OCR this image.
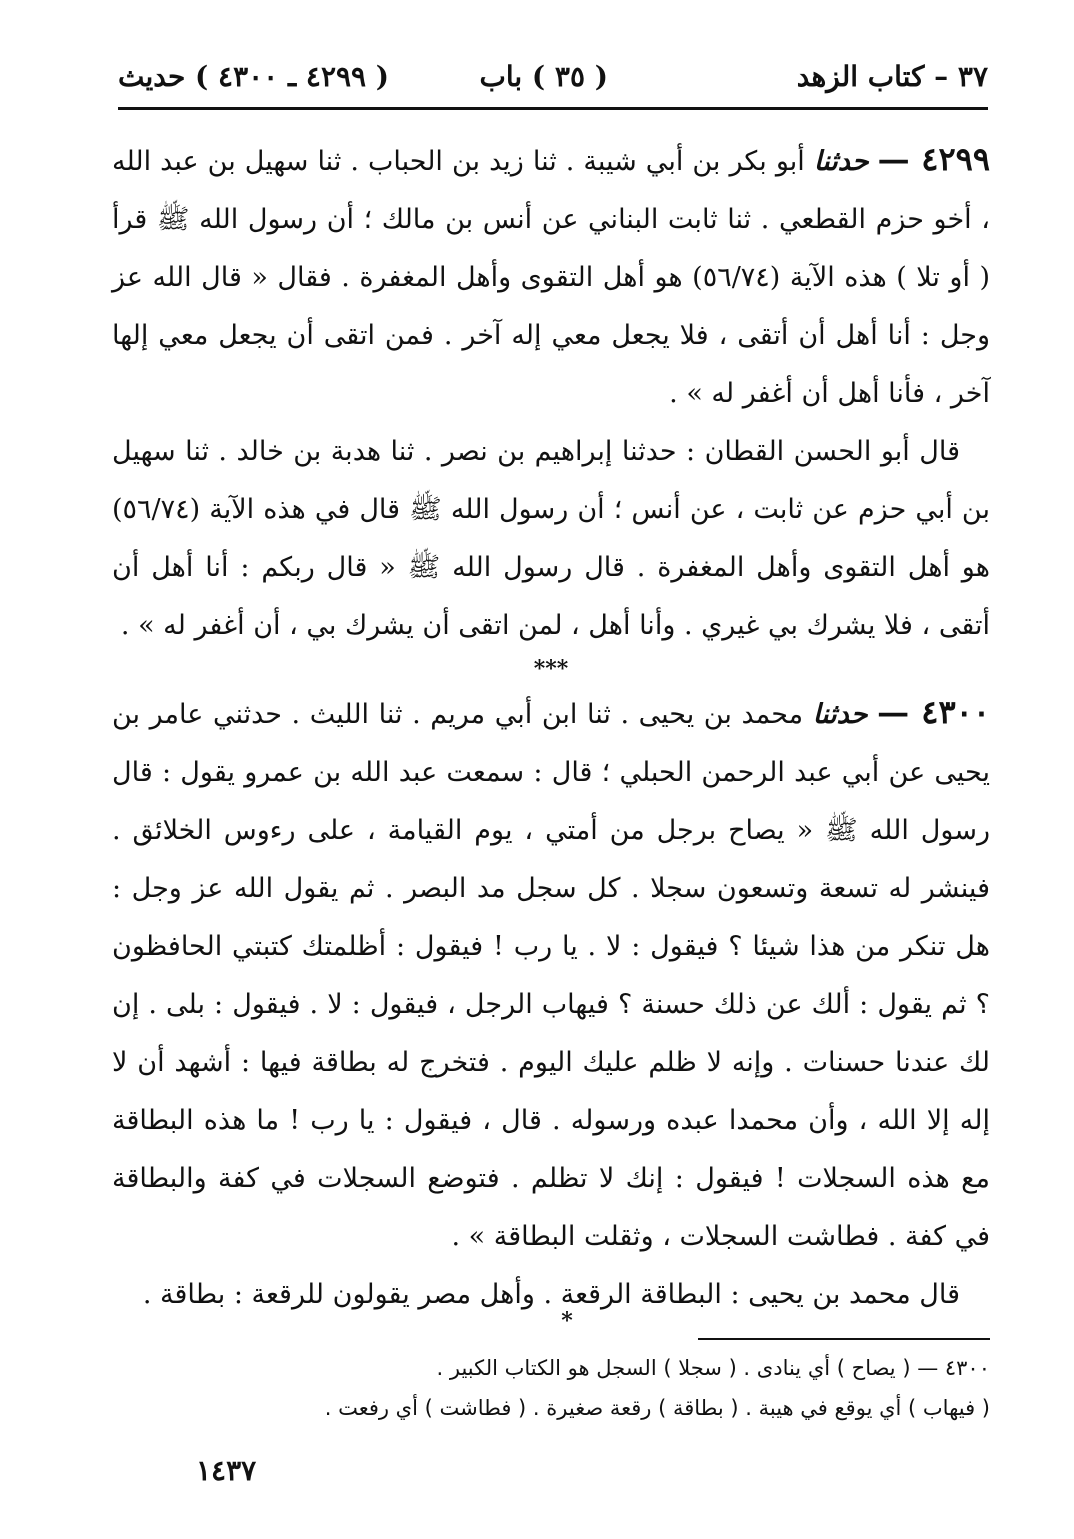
٣٧ – كتاب الزهد
( ٣٥ ) باب
( ٤٢٩٩ ـ ٤٣٠٠ ) حديث

٤٢٩٩ — حدثنا أبو بكر بن أبي شيبة . ثنا زيد بن الحباب . ثنا سهيل بن عبد الله ، أخو حزم القطعي . ثنا ثابت البناني عن أنس بن مالك ؛ أن رسول الله ﷺ قرأ ( أو تلا ) هذه الآية (٥٦/٧٤) هو أهل التقوى وأهل المغفرة . فقال « قال الله عز وجل : أنا أهل أن أتقى ، فلا يجعل معي إله آخر . فمن اتقى أن يجعل معي إلها آخر ، فأنا أهل أن أغفر له » .

قال أبو الحسن القطان : حدثنا إبراهيم بن نصر . ثنا هدبة بن خالد . ثنا سهيل بن أبي حزم عن ثابت ، عن أنس ؛ أن رسول الله ﷺ قال في هذه الآية (٥٦/٧٤) هو أهل التقوى وأهل المغفرة . قال رسول الله ﷺ « قال ربكم : أنا أهل أن أتقى ، فلا يشرك بي غيري . وأنا أهل ، لمن اتقى أن يشرك بي ، أن أغفر له » .

***

٤٣٠٠ — حدثنا محمد بن يحيى . ثنا ابن أبي مريم . ثنا الليث . حدثني عامر بن يحيى عن أبي عبد الرحمن الحبلي ؛ قال : سمعت عبد الله بن عمرو يقول : قال رسول الله ﷺ « يصاح برجل من أمتي ، يوم القيامة ، على رءوس الخلائق . فينشر له تسعة وتسعون سجلا . كل سجل مد البصر . ثم يقول الله عز وجل : هل تنكر من هذا شيئا ؟ فيقول : لا . يا رب ! فيقول : أظلمتك كتبتي الحافظون ؟ ثم يقول : ألك عن ذلك حسنة ؟ فيهاب الرجل ، فيقول : لا . فيقول : بلى . إن لك عندنا حسنات . وإنه لا ظلم عليك اليوم . فتخرج له بطاقة فيها : أشهد أن لا إله إلا الله ، وأن محمدا عبده ورسوله . قال ، فيقول : يا رب ! ما هذه البطاقة مع هذه السجلات ! فيقول : إنك لا تظلم . فتوضع السجلات في كفة والبطاقة في كفة . فطاشت السجلات ، وثقلت البطاقة » .

قال محمد بن يحيى : البطاقة الرقعة . وأهل مصر يقولون للرقعة : بطاقة .

*
٤٣٠٠ — ( يصاح ) أي ينادى . ( سجلا ) السجل هو الكتاب الكبير .
( فيهاب ) أي يوقع في هيبة . ( بطاقة ) رقعة صغيرة . ( فطاشت ) أي رفعت .
١٤٣٧
